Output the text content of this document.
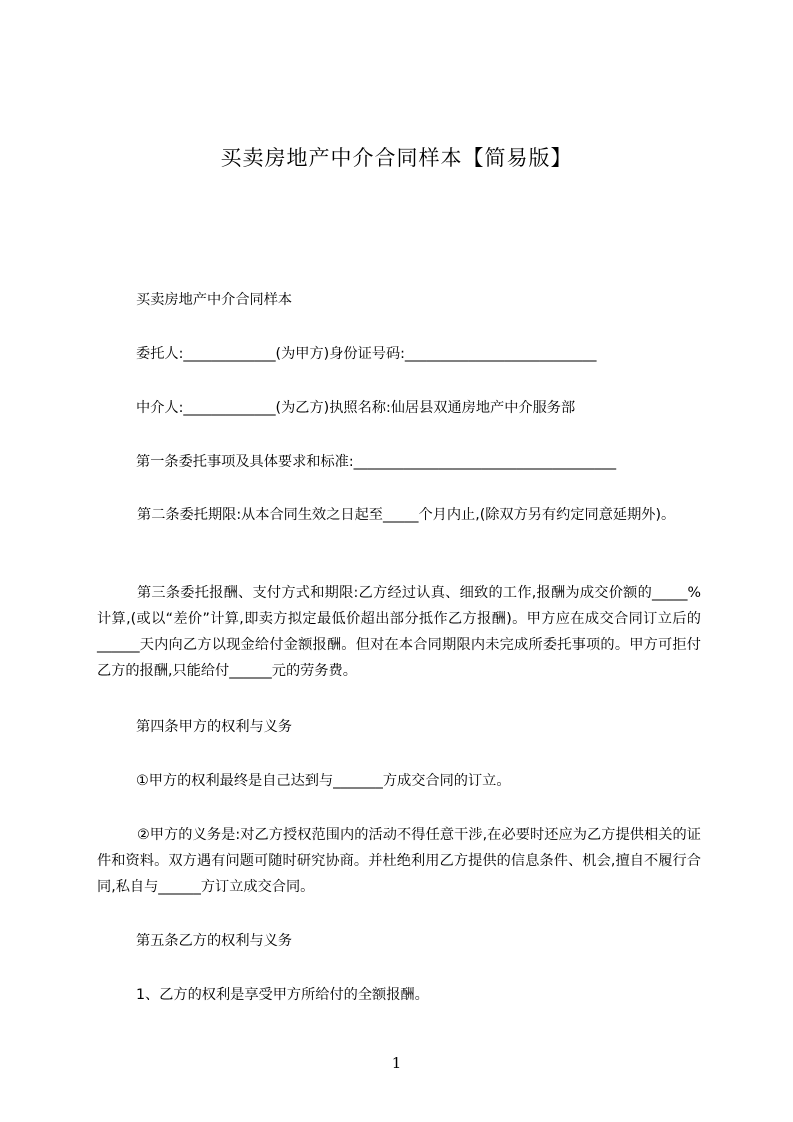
买卖房地产中介合同样本【简易版】
买卖房地产中介合同样本
委托人:_____________(为甲方)身份证号码:___________________________
中介人:_____________(为乙方)执照名称:仙居县双通房地产中介服务部
第一条委托事项及具体要求和标准:_____________________________________
第二条委托期限:从本合同生效之日起至_____个月内止,(除双方另有约定同意延期外)。
第三条委托报酬、支付方式和期限:乙方经过认真、细致的工作,报酬为成交价额的_____%计算,(或以“差价”计算,即卖方拟定最低价超出部分抵作乙方报酬)。甲方应在成交合同订立后的______天内向乙方以现金给付金额报酬。但对在本合同期限内未完成所委托事项的。甲方可拒付乙方的报酬,只能给付______元的劳务费。
第四条甲方的权利与义务
①甲方的权利最终是自己达到与_______方成交合同的订立。
②甲方的义务是:对乙方授权范围内的活动不得任意干涉,在必要时还应为乙方提供相关的证件和资料。双方遇有问题可随时研究协商。并杜绝利用乙方提供的信息条件、机会,擅自不履行合同,私自与______方订立成交合同。
第五条乙方的权利与义务
1、乙方的权利是享受甲方所给付的全额报酬。
1
